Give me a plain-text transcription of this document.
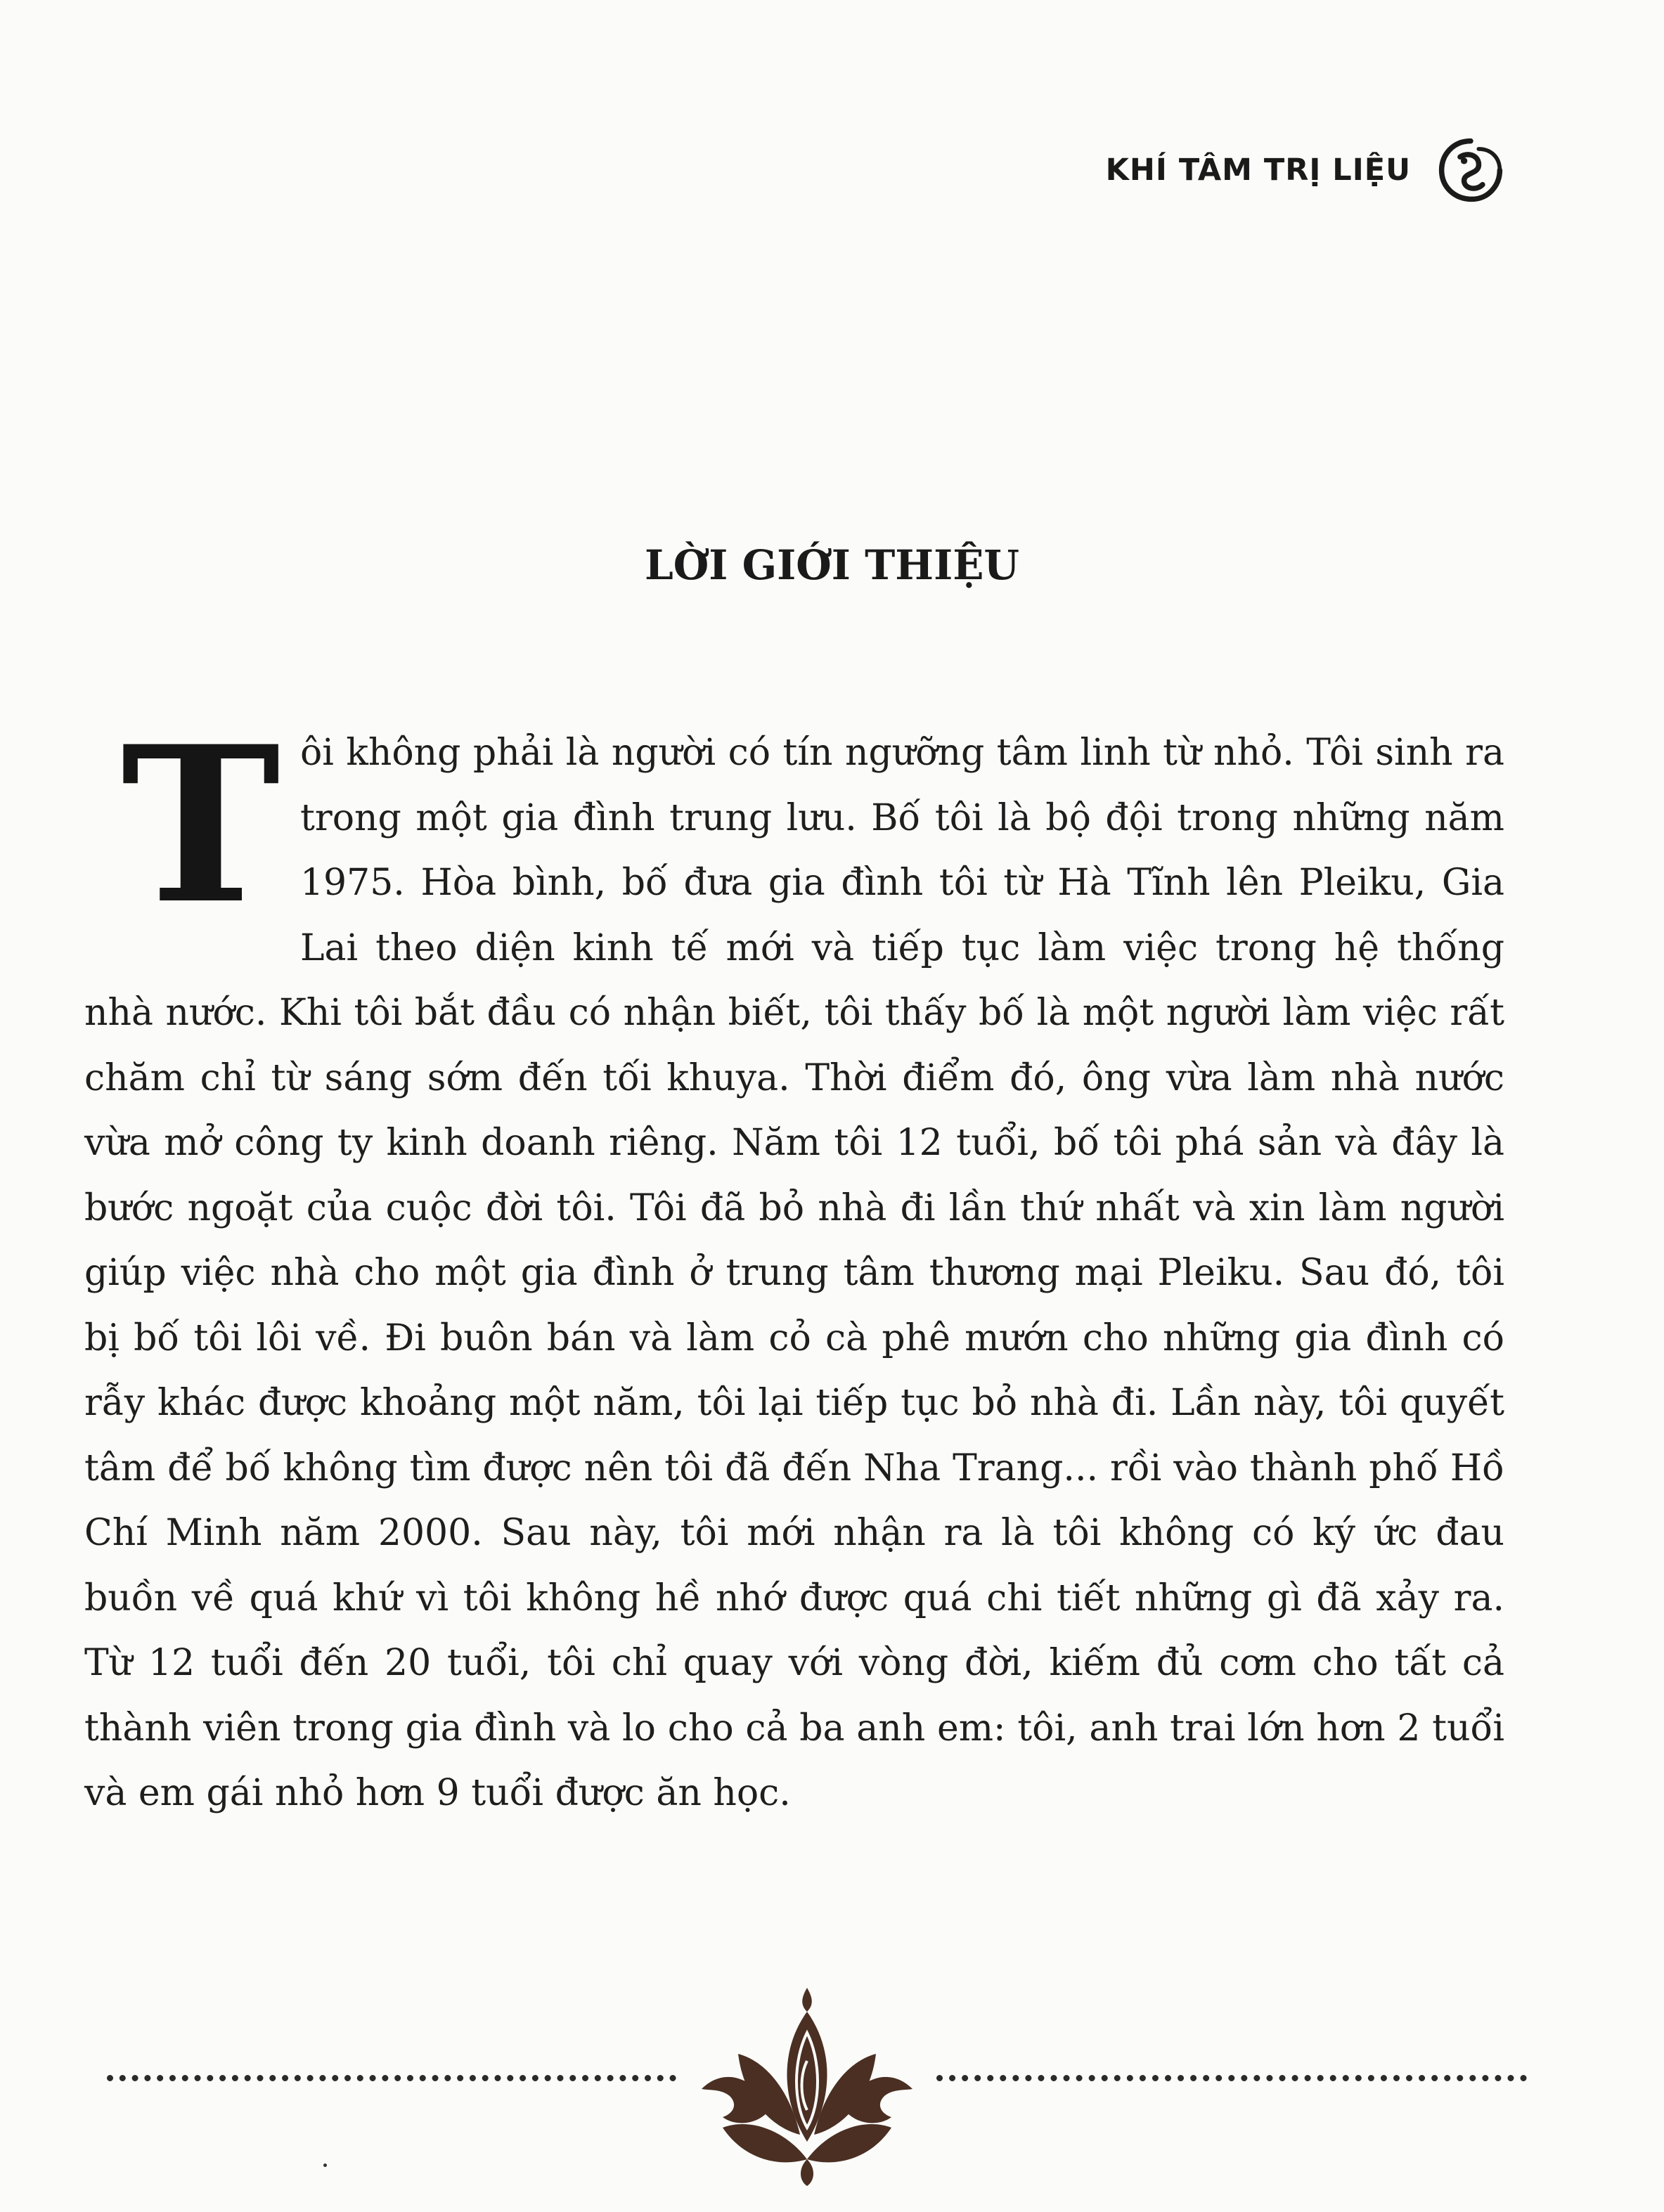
KHÍ TÂM TRỊ LIỆU
LỜI GIỚI THIỆU

Tôi không phải là người có tín ngưỡng tâm linh từ nhỏ. Tôi sinh ra trong một gia đình trung lưu. Bố tôi là bộ đội trong những năm 1975. Hòa bình, bố đưa gia đình tôi từ Hà Tĩnh lên Pleiku, Gia Lai theo diện kinh tế mới và tiếp tục làm việc trong hệ thống nhà nước. Khi tôi bắt đầu có nhận biết, tôi thấy bố là một người làm việc rất chăm chỉ từ sáng sớm đến tối khuya. Thời điểm đó, ông vừa làm nhà nước vừa mở công ty kinh doanh riêng. Năm tôi 12 tuổi, bố tôi phá sản và đây là bước ngoặt của cuộc đời tôi. Tôi đã bỏ nhà đi lần thứ nhất và xin làm người giúp việc nhà cho một gia đình ở trung tâm thương mại Pleiku. Sau đó, tôi bị bố tôi lôi về. Đi buôn bán và làm cỏ cà phê mướn cho những gia đình có rẫy khác được khoảng một năm, tôi lại tiếp tục bỏ nhà đi. Lần này, tôi quyết tâm để bố không tìm được nên tôi đã đến Nha Trang... rồi vào thành phố Hồ Chí Minh năm 2000. Sau này, tôi mới nhận ra là tôi không có ký ức đau buồn về quá khứ vì tôi không hề nhớ được quá chi tiết những gì đã xảy ra. Từ 12 tuổi đến 20 tuổi, tôi chỉ quay với vòng đời, kiếm đủ cơm cho tất cả thành viên trong gia đình và lo cho cả ba anh em: tôi, anh trai lớn hơn 2 tuổi và em gái nhỏ hơn 9 tuổi được ăn học.
